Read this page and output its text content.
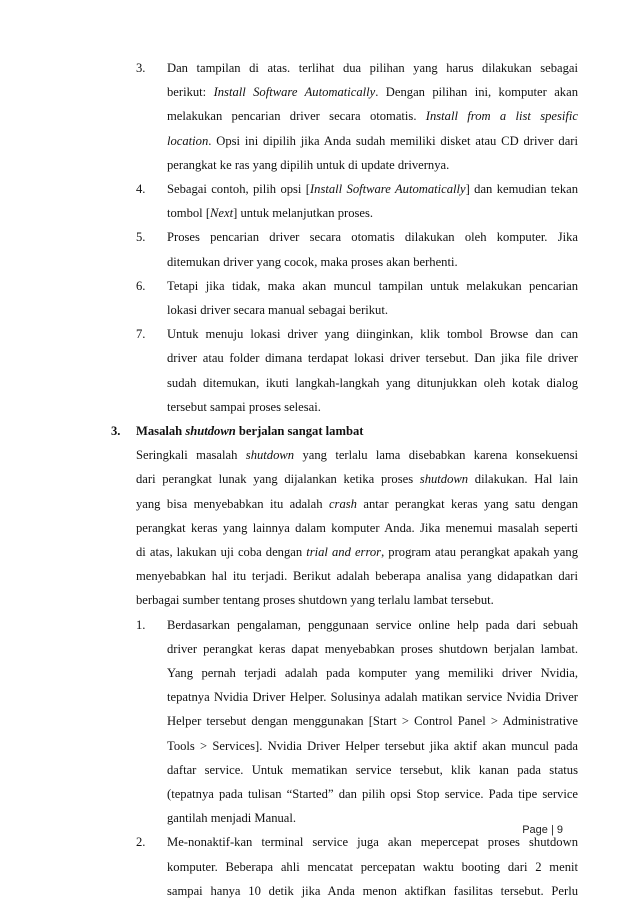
3. Dan tampilan di atas. terlihat dua pilihan yang harus dilakukan sebagai
berikut: Install Software Automatically. Dengan pilihan ini, komputer akan
melakukan pencarian driver secara otomatis. Install from a list spesific
location. Opsi ini dipilih jika Anda sudah memiliki disket atau CD driver dari
perangkat ke ras yang dipilih untuk di update drivernya.
4. Sebagai contoh, pilih opsi [Install Software Automatically] dan kemudian tekan
tombol [Next] untuk melanjutkan proses.
5. Proses pencarian driver secara otomatis dilakukan oleh komputer. Jika
ditemukan driver yang cocok, maka proses akan berhenti.
6. Tetapi jika tidak, maka akan muncul tampilan untuk melakukan pencarian
lokasi driver secara manual sebagai berikut.
7. Untuk menuju lokasi driver yang diinginkan, klik tombol Browse dan can
driver atau folder dimana terdapat lokasi driver tersebut. Dan jika file driver
sudah ditemukan, ikuti langkah-langkah yang ditunjukkan oleh kotak dialog
tersebut sampai proses selesai.
3. Masalah shutdown berjalan sangat lambat
Seringkali masalah shutdown yang terlalu lama disebabkan karena konsekuensi
dari perangkat lunak yang dijalankan ketika proses shutdown dilakukan. Hal lain
yang bisa menyebabkan itu adalah crash antar perangkat keras yang satu dengan
perangkat keras yang lainnya dalam komputer Anda. Jika menemui masalah seperti
di atas, lakukan uji coba dengan trial and error, program atau perangkat apakah yang
menyebabkan hal itu terjadi. Berikut adalah beberapa analisa yang didapatkan dari
berbagai sumber tentang proses shutdown yang terlalu lambat tersebut.
1. Berdasarkan pengalaman, penggunaan service online help pada dari sebuah
driver perangkat keras dapat menyebabkan proses shutdown berjalan lambat.
Yang pernah terjadi adalah pada komputer yang memiliki driver Nvidia,
tepatnya Nvidia Driver Helper. Solusinya adalah matikan service Nvidia Driver
Helper tersebut dengan menggunakan [Start > Control Panel > Administrative
Tools > Services]. Nvidia Driver Helper tersebut jika aktif akan muncul pada
daftar service. Untuk mematikan service tersebut, klik kanan pada status
(tepatnya pada tulisan “Started” dan pilih opsi Stop service. Pada tipe service
gantilah menjadi Manual.
2. Me-nonaktif-kan terminal service juga akan mepercepat proses shutdown
komputer. Beberapa ahli mencatat percepatan waktu booting dari 2 menit
sampai hanya 10 detik jika Anda menon aktifkan fasilitas tersebut. Perlu
Page | 9
